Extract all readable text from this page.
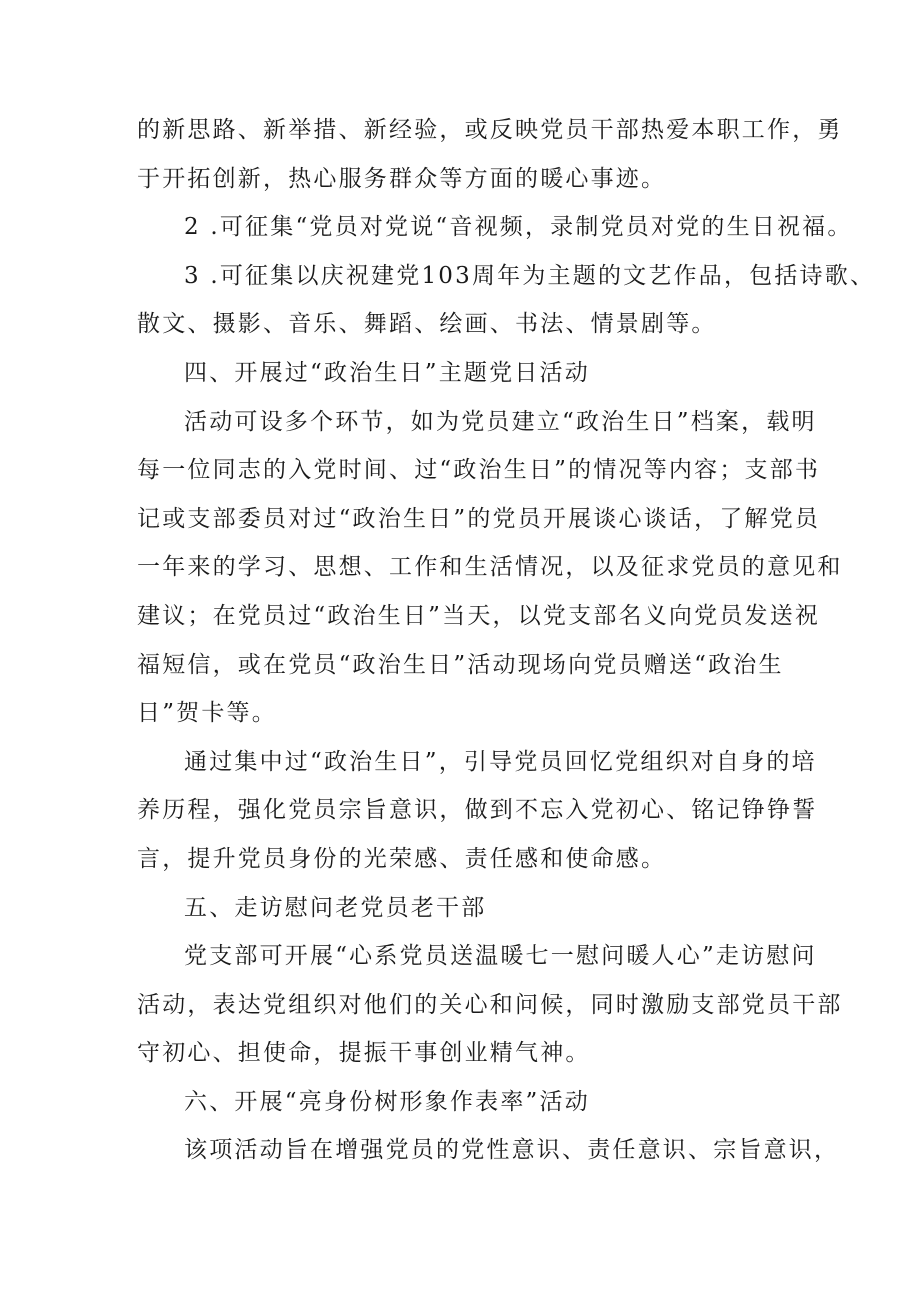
的新思路、新举措、新经验，或反映党员干部热爱本职工作，勇
于开拓创新，热心服务群众等方面的暖心事迹。
2 .可征集“党员对党说“音视频，录制党员对党的生日祝福。
3 .可征集以庆祝建党103周年为主题的文艺作品，包括诗歌、
散文、摄影、音乐、舞蹈、绘画、书法、情景剧等。
四、开展过“政治生日”主题党日活动
活动可设多个环节，如为党员建立“政治生日”档案，载明
每一位同志的入党时间、过“政治生日”的情况等内容；支部书
记或支部委员对过“政治生日”的党员开展谈心谈话，了解党员
一年来的学习、思想、工作和生活情况，以及征求党员的意见和
建议；在党员过“政治生日”当天，以党支部名义向党员发送祝
福短信，或在党员“政治生日”活动现场向党员赠送“政治生
日”贺卡等。
通过集中过“政治生日”，引导党员回忆党组织对自身的培
养历程，强化党员宗旨意识，做到不忘入党初心、铭记铮铮誓
言，提升党员身份的光荣感、责任感和使命感。
五、走访慰问老党员老干部
党支部可开展“心系党员送温暖七一慰问暖人心”走访慰问
活动，表达党组织对他们的关心和问候，同时激励支部党员干部
守初心、担使命，提振干事创业精气神。
六、开展“亮身份树形象作表率”活动
该项活动旨在增强党员的党性意识、责任意识、宗旨意识，
